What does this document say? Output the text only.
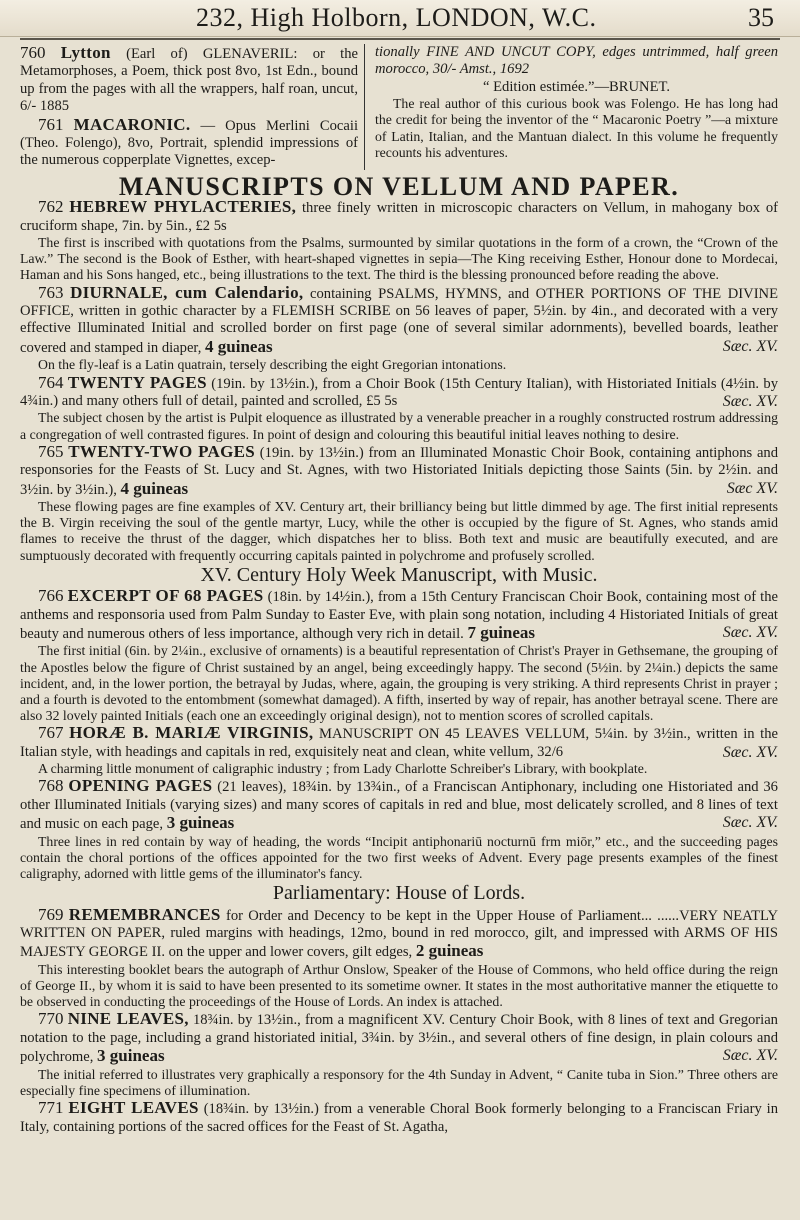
232, High Holborn, LONDON, W.C.	35

760 Lytton (Earl of) GLENAVERIL: or the Metamorphoses, a Poem, thick post 8vo, 1st Edn., bound up from the pages with all the wrappers, half roan, uncut, 6/- 1885

761 MACARONIC. — Opus Merlini Cocaii (Theo. Folengo), 8vo, Portrait, splendid impressions of the numerous copperplate Vignettes, excep-

tionally FINE AND UNCUT COPY, edges untrimmed, half green morocco, 30/- Amst., 1692

“ Edition estimée.”—BRUNET.

The real author of this curious book was Folengo. He has long had the credit for being the inventor of the “ Macaronic Poetry ”—a mixture of Latin, Italian, and the Mantuan dialect. In this volume he frequently recounts his adventures.

MANUSCRIPTS ON VELLUM AND PAPER.

762 HEBREW PHYLACTERIES, three finely written in microscopic characters on Vellum, in mahogany box of cruciform shape, 7in. by 5in., £2 5s

The first is inscribed with quotations from the Psalms, surmounted by similar quotations in the form of a crown, the “Crown of the Law.” The second is the Book of Esther, with heart-shaped vignettes in sepia—The King receiving Esther, Honour done to Mordecai, Haman and his Sons hanged, etc., being illustrations to the text. The third is the blessing pronounced before reading the above.

763 DIURNALE, cum Calendario, containing PSALMS, HYMNS, and OTHER PORTIONS OF THE DIVINE OFFICE, written in gothic character by a FLEMISH SCRIBE on 56 leaves of paper, 5½in. by 4in., and decorated with a very effective Illuminated Initial and scrolled border on first page (one of several similar adornments), bevelled boards, leather covered and stamped in diaper, 4 guineas	Sæc. XV.

On the fly-leaf is a Latin quatrain, tersely describing the eight Gregorian intonations.

764 TWENTY PAGES (19in. by 13½in.), from a Choir Book (15th Century Italian), with Historiated Initials (4½in. by 4¾in.) and many others full of detail, painted and scrolled, £5 5s	Sæc. XV.

The subject chosen by the artist is Pulpit eloquence as illustrated by a venerable preacher in a roughly constructed rostrum addressing a congregation of well contrasted figures. In point of design and colouring this beautiful initial leaves nothing to desire.

765 TWENTY-TWO PAGES (19in. by 13½in.) from an Illuminated Monastic Choir Book, containing antiphons and responsories for the Feasts of St. Lucy and St. Agnes, with two Historiated Initials depicting those Saints (5in. by 2½in. and 3½in. by 3½in.), 4 guineas	Sæc XV.

These flowing pages are fine examples of XV. Century art, their brilliancy being but little dimmed by age. The first initial represents the B. Virgin receiving the soul of the gentle martyr, Lucy, while the other is occupied by the figure of St. Agnes, who stands amid flames to receive the thrust of the dagger, which dispatches her to bliss. Both text and music are beautifully executed, and are sumptuously decorated with frequently occurring capitals painted in polychrome and profusely scrolled.

XV. Century Holy Week Manuscript, with Music.

766 EXCERPT OF 68 PAGES (18in. by 14½in.), from a 15th Century Franciscan Choir Book, containing most of the anthems and responsoria used from Palm Sunday to Easter Eve, with plain song notation, including 4 Historiated Initials of great beauty and numerous others of less importance, although very rich in detail. 7 guineas	Sæc. XV.

The first initial (6in. by 2¼in., exclusive of ornaments) is a beautiful representation of Christ's Prayer in Gethsemane, the grouping of the Apostles below the figure of Christ sustained by an angel, being exceedingly happy. The second (5½in. by 2¼in.) depicts the same incident, and, in the lower portion, the betrayal by Judas, where, again, the grouping is very striking. A third represents Christ in prayer ; and a fourth is devoted to the entombment (somewhat damaged). A fifth, inserted by way of repair, has another betrayal scene. There are also 32 lovely painted Initials (each one an exceedingly original design), not to mention scores of scrolled capitals.

767 HORÆ B. MARIÆ VIRGINIS, MANUSCRIPT ON 45 LEAVES VELLUM, 5¼in. by 3½in., written in the Italian style, with headings and capitals in red, exquisitely neat and clean, white vellum, 32/6	Sæc. XV.

A charming little monument of caligraphic industry ; from Lady Charlotte Schreiber's Library, with bookplate.

768 OPENING PAGES (21 leaves), 18¾in. by 13¾in., of a Franciscan Antiphonary, including one Historiated and 36 other Illuminated Initials (varying sizes) and many scores of capitals in red and blue, most delicately scrolled, and 8 lines of text and music on each page, 3 guineas	Sæc. XV.

Three lines in red contain by way of heading, the words “Incipit antiphonariū nocturnū frm miōr,” etc., and the succeeding pages contain the choral portions of the offices appointed for the two first weeks of Advent. Every page presents examples of the finest caligraphy, adorned with little gems of the illuminator's fancy.

Parliamentary: House of Lords.

769 REMEMBRANCES for Order and Decency to be kept in the Upper House of Parliament... ......VERY NEATLY WRITTEN ON PAPER, ruled margins with headings, 12mo, bound in red morocco, gilt, and impressed with ARMS OF HIS MAJESTY GEORGE II. on the upper and lower covers, gilt edges, 2 guineas

This interesting booklet bears the autograph of Arthur Onslow, Speaker of the House of Commons, who held office during the reign of George II., by whom it is said to have been presented to its sometime owner. It states in the most authoritative manner the etiquette to be observed in conducting the proceedings of the House of Lords. An index is attached.

770 NINE LEAVES, 18¾in. by 13½in., from a magnificent XV. Century Choir Book, with 8 lines of text and Gregorian notation to the page, including a grand historiated initial, 3¾in. by 3½in., and several others of fine design, in plain colours and polychrome, 3 guineas	Sæc. XV.

The initial referred to illustrates very graphically a responsory for the 4th Sunday in Advent, “ Canite tuba in Sion.” Three others are especially fine specimens of illumination.

771 EIGHT LEAVES (18¾in. by 13½in.) from a venerable Choral Book formerly belonging to a Franciscan Friary in Italy, containing portions of the sacred offices for the Feast of St. Agatha,
